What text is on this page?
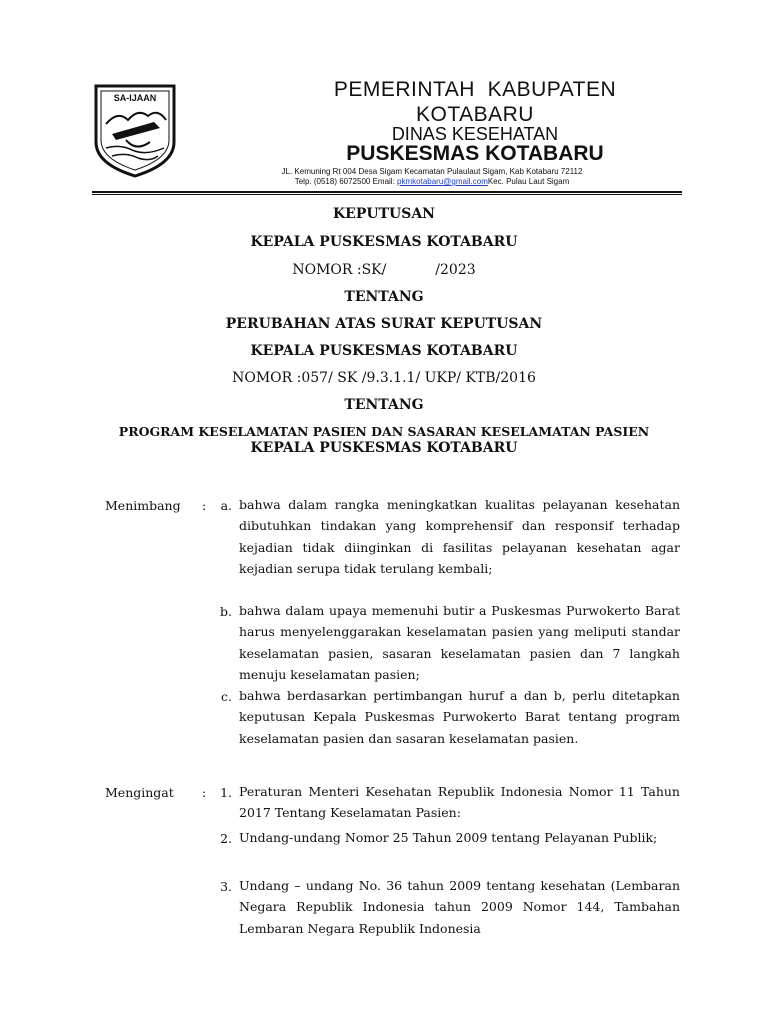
SA-IJAAN	PEMERINTAH  KABUPATEN
KOTABARU
DINAS KESEHATAN
PUSKESMAS KOTABARU
JL. Kemuning Rt 004 Desa Sigam Kecamatan Pulaulaut Sigam, Kab Kotabaru 72112
Telp. (0518) 6072500 Email: pkmkotabaru@gmail.comKec. Pulau Laut Sigam
KEPUTUSAN
KEPALA PUSKESMAS KOTABARU
NOMOR :SK/           /2023
TENTANG
PERUBAHAN ATAS SURAT KEPUTUSAN
KEPALA PUSKESMAS KOTABARU
NOMOR :057/ SK /9.3.1.1/ UKP/ KTB/2016
TENTANG
PROGRAM KESELAMATAN PASIEN DAN SASARAN KESELAMATAN PASIEN
KEPALA PUSKESMAS KOTABARU
Menimbang :	a. bahwa dalam rangka meningkatkan kualitas pelayanan kesehatan dibutuhkan tindakan yang komprehensif dan responsif terhadap kejadian tidak diinginkan di fasilitas pelayanan kesehatan agar kejadian serupa tidak terulang kembali;

b. bahwa dalam upaya memenuhi butir a Puskesmas Purwokerto Barat harus menyelenggarakan keselamatan pasien yang meliputi standar keselamatan pasien, sasaran keselamatan pasien dan 7 langkah menuju keselamatan pasien;

c. bahwa berdasarkan pertimbangan huruf a dan b, perlu ditetapkan keputusan Kepala Puskesmas Purwokerto Barat tentang program keselamatan pasien dan sasaran keselamatan pasien.

Mengingat :	1. Peraturan Menteri Kesehatan Republik Indonesia Nomor 11 Tahun 2017 Tentang Keselamatan Pasien:

2. Undang-undang Nomor 25 Tahun 2009 tentang Pelayanan Publik;

3. Undang – undang No. 36 tahun 2009 tentang kesehatan (Lembaran Negara Republik Indonesia tahun 2009 Nomor 144, Tambahan Lembaran Negara Republik Indonesia
